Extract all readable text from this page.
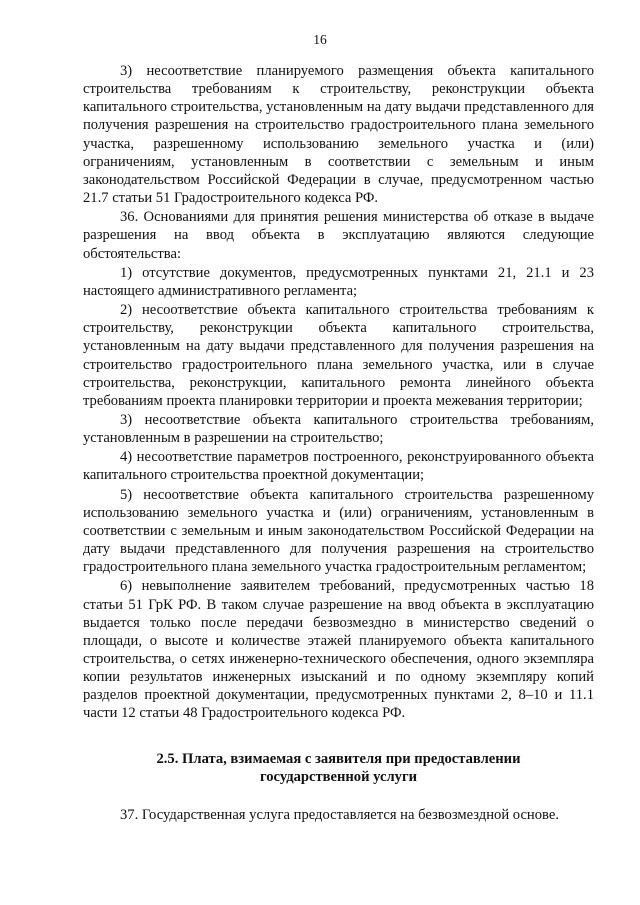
16

3) несоответствие планируемого размещения объекта капитального строительства требованиям к строительству, реконструкции объекта капитального строительства, установленным на дату выдачи представленного для получения разрешения на строительство градостроительного плана земельного участка, разрешенному использованию земельного участка и (или) ограничениям, установленным в соответствии с земельным и иным законодательством Российской Федерации в случае, предусмотренном частью 21.7 статьи 51 Градостроительного кодекса РФ.

36. Основаниями для принятия решения министерства об отказе в выдаче разрешения на ввод объекта в эксплуатацию являются следующие обстоятельства:

1) отсутствие документов, предусмотренных пунктами 21, 21.1 и 23 настоящего административного регламента;

2) несоответствие объекта капитального строительства требованиям к строительству, реконструкции объекта капитального строительства, установленным на дату выдачи представленного для получения разрешения на строительство градостроительного плана земельного участка, или в случае строительства, реконструкции, капитального ремонта линейного объекта требованиям проекта планировки территории и проекта межевания территории;

3) несоответствие объекта капитального строительства требованиям, установленным в разрешении на строительство;

4) несоответствие параметров построенного, реконструированного объекта капитального строительства проектной документации;

5) несоответствие объекта капитального строительства разрешенному использованию земельного участка и (или) ограничениям, установленным в соответствии с земельным и иным законодательством Российской Федерации на дату выдачи представленного для получения разрешения на строительство градостроительного плана земельного участка градостроительным регламентом;

6) невыполнение заявителем требований, предусмотренных частью 18 статьи 51 ГрК РФ. В таком случае разрешение на ввод объекта в эксплуатацию выдается только после передачи безвозмездно в министерство сведений о площади, о высоте и количестве этажей планируемого объекта капитального строительства, о сетях инженерно-технического обеспечения, одного экземпляра копии результатов инженерных изысканий и по одному экземпляру копий разделов проектной документации, предусмотренных пунктами 2, 8–10 и 11.1 части 12 статьи 48 Градостроительного кодекса РФ.

2.5. Плата, взимаемая с заявителя при предоставлении
государственной услуги

37. Государственная услуга предоставляется на безвозмездной основе.
